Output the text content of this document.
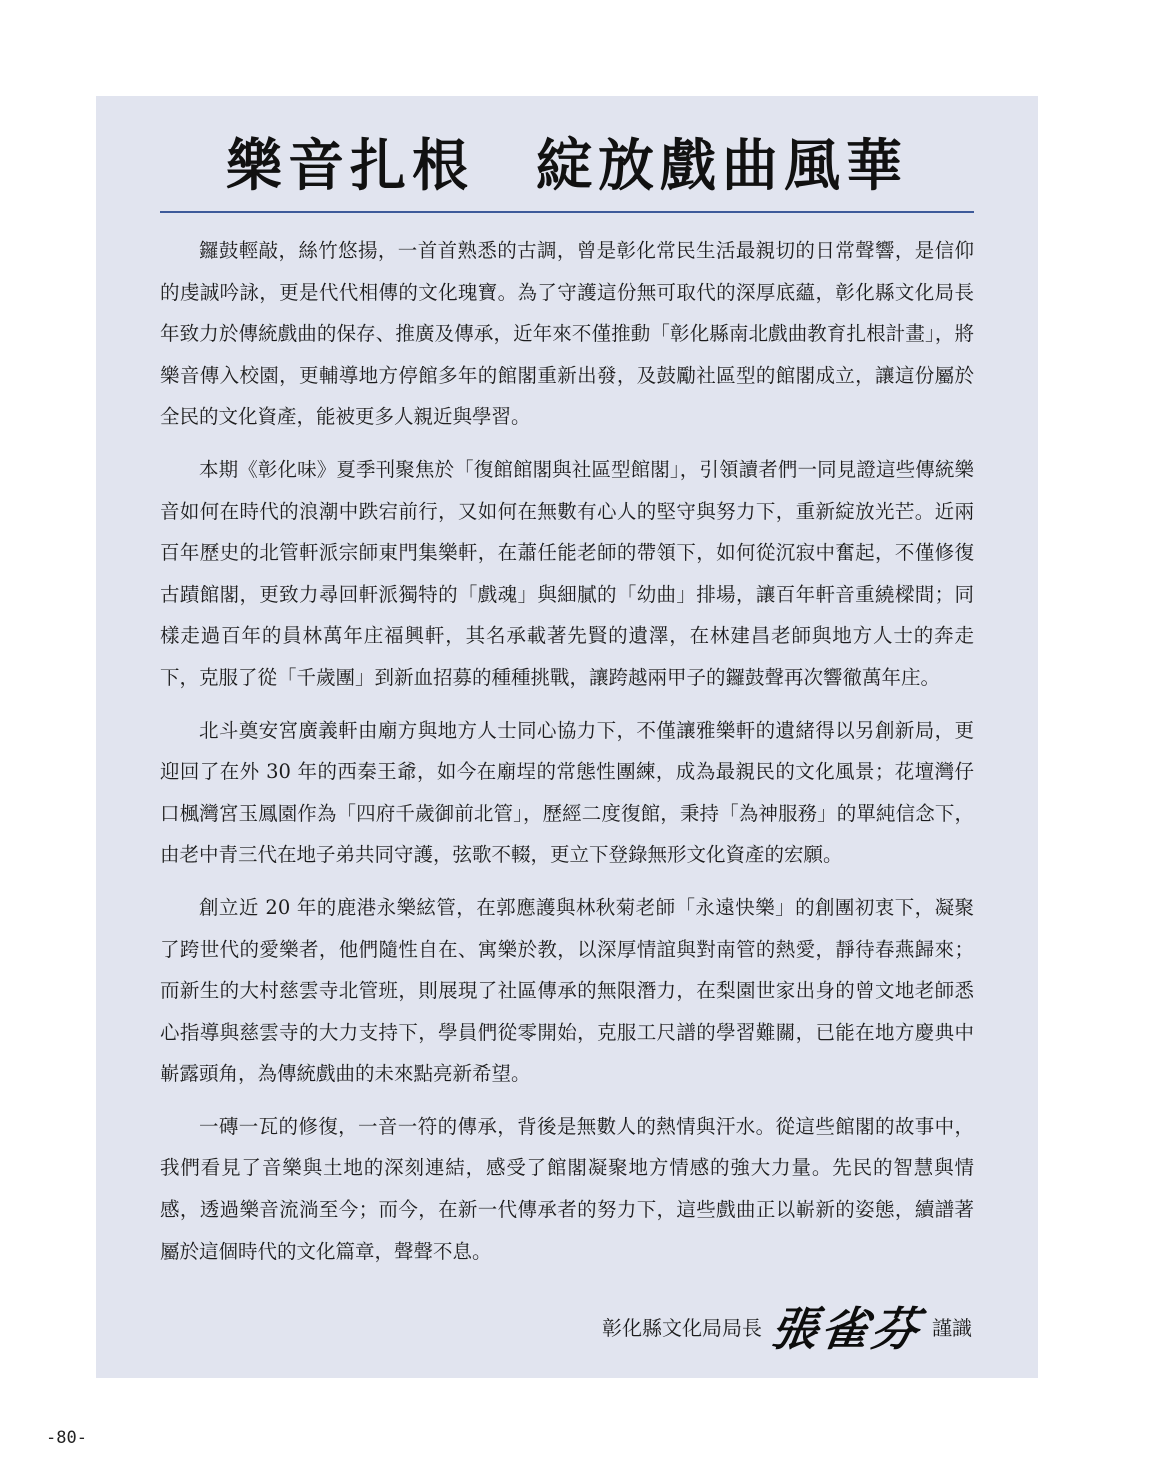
樂音扎根　綻放戲曲風華

鑼鼓輕敲，絲竹悠揚，一首首熟悉的古調，曾是彰化常民生活最親切的日常聲響，是信仰的虔誠吟詠，更是代代相傳的文化瑰寶。為了守護這份無可取代的深厚底蘊，彰化縣文化局長年致力於傳統戲曲的保存、推廣及傳承，近年來不僅推動「彰化縣南北戲曲教育扎根計畫」，將樂音傳入校園，更輔導地方停館多年的館閣重新出發，及鼓勵社區型的館閣成立，讓這份屬於全民的文化資產，能被更多人親近與學習。

本期《彰化味》夏季刊聚焦於「復館館閣與社區型館閣」，引領讀者們一同見證這些傳統樂音如何在時代的浪潮中跌宕前行，又如何在無數有心人的堅守與努力下，重新綻放光芒。近兩百年歷史的北管軒派宗師東門集樂軒，在蕭任能老師的帶領下，如何從沉寂中奮起，不僅修復古蹟館閣，更致力尋回軒派獨特的「戲魂」與細膩的「幼曲」排場，讓百年軒音重繞樑間；同樣走過百年的員林萬年庄福興軒，其名承載著先賢的遺澤，在林建昌老師與地方人士的奔走下，克服了從「千歲團」到新血招募的種種挑戰，讓跨越兩甲子的鑼鼓聲再次響徹萬年庄。

北斗奠安宮廣義軒由廟方與地方人士同心協力下，不僅讓雅樂軒的遺緒得以另創新局，更迎回了在外 30 年的西秦王爺，如今在廟埕的常態性團練，成為最親民的文化風景；花壇灣仔口楓灣宮玉鳳園作為「四府千歲御前北管」，歷經二度復館，秉持「為神服務」的單純信念下，由老中青三代在地子弟共同守護，弦歌不輟，更立下登錄無形文化資產的宏願。

創立近 20 年的鹿港永樂絃管，在郭應護與林秋菊老師「永遠快樂」的創團初衷下，凝聚了跨世代的愛樂者，他們隨性自在、寓樂於教，以深厚情誼與對南管的熱愛，靜待春燕歸來；而新生的大村慈雲寺北管班，則展現了社區傳承的無限潛力，在梨園世家出身的曾文地老師悉心指導與慈雲寺的大力支持下，學員們從零開始，克服工尺譜的學習難關，已能在地方慶典中嶄露頭角，為傳統戲曲的未來點亮新希望。

一磚一瓦的修復，一音一符的傳承，背後是無數人的熱情與汗水。從這些館閣的故事中，我們看見了音樂與土地的深刻連結，感受了館閣凝聚地方情感的強大力量。先民的智慧與情感，透過樂音流淌至今；而今，在新一代傳承者的努力下，這些戲曲正以嶄新的姿態，續譜著屬於這個時代的文化篇章，聲聲不息。

彰化縣文化局局長 張雀芬 謹識
-80-
